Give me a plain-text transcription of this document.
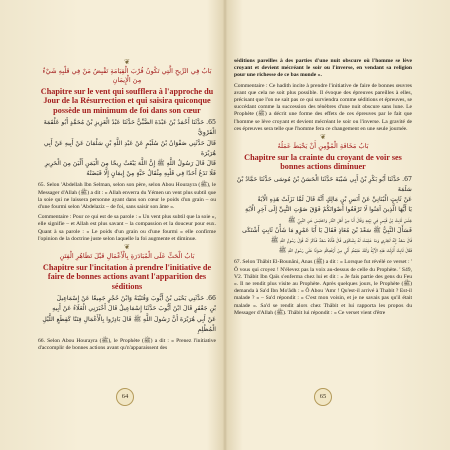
❦
بَابُ فِي الرِّيحِ الَّتِي تَكُونُ قُرْبَ الْقِيَامَةِ تَقْبِضُ مَنْ فِي قَلْبِهِ شَيْءٌ مِنَ الْإِيمَانِ
Chapitre sur le vent qui soufflera à l'approche du Jour de la Résurrection et qui saisira quiconque possède un minimum de foi dans son cœur
65. حَدَّثَنَا أَحْمَدُ بْنُ عَبْدَةَ الضَّبِّيُّ حَدَّثَنَا عَبْدُ الْعَزِيزِ بْنُ مُحَمَّدٍ أَبُو عَلْقَمَةَ الْفَرْوِيُّ
قَالَ حَدَّثَنِي صَفْوَانُ بْنُ سُلَيْمٍ عَنْ عَبْدِ اللَّهِ بْنِ سَلْمَانَ عَنْ أَبِيهِ عَنْ أَبِي هُرَيْرَةَ
قَالَ قَالَ رَسُولُ اللَّهِ ﷺ إِنَّ اللَّهَ يَبْعَثُ رِيحًا مِنَ الْيَمَنِ أَلْيَنَ مِنَ الْحَرِيرِ
فَلَا تَدَعُ أَحَدًا فِي قَلْبِهِ مِثْقَالُ حَبَّةٍ مِنْ إِيمَانٍ إِلَّا قَبَضَتْهُ
65. Selon 'Abdellah Ibn Selman, selon son père, selon Abou Hourayra (ﷺ), le Messager d'Allah (ﷺ) a dit : « Allah enverra du Yémen un vent plus subtil que la soie qui ne laissera personne ayant dans son cœur le poids d'un grain – ou d'une fourmi selon 'Abdelaziz – de foi, sans saisir son âme ».
Commentaire : Pour ce qui est de sa parole : « Un vent plus subtil que la soie », elle signifie – et Allah est plus savant – la compassion et la douceur pour eux. Quant à sa parole : « Le poids d'un grain ou d'une fourmi » elle confirme l'opinion de la doctrine juste selon laquelle la foi augmente et diminue.
❦
بَابُ الْحَثِّ عَلَى الْمُبَادَرَةِ بِالْأَعْمَالِ قَبْلَ تَظَاهُرِ الْفِتَنِ
Chapitre sur l'incitation à prendre l'initiative de faire de bonnes actions avant l'apparition des séditions
66. حَدَّثَنِي يَحْيَى بْنُ أَيُّوبَ وَقُتَيْبَةُ وَابْنُ حُجْرٍ جَمِيعًا عَنْ إِسْمَاعِيلَ
بْنِ جَعْفَرٍ قَالَ ابْنُ أَيُّوبَ حَدَّثَنَا إِسْمَاعِيلُ قَالَ أَخْبَرَنِي الْعَلَاءُ عَنْ أَبِيهِ
عَنْ أَبِي هُرَيْرَةَ أَنَّ رَسُولَ اللَّهِ ﷺ قَالَ بَادِرُوا بِالْأَعْمَالِ فِتَنًا كَقِطَعِ اللَّيْلِ الْمُظْلِمِ
66. Selon Abou Hourayra (ﷺ), le Prophète (ﷺ) a dit : « Prenez l'initiative d'accomplir de bonnes actions avant qu'n'apparaissent des
64
séditions pareilles à des parties d'une nuit obscure où l'homme se lève croyant et devient mécréant le soir ou l'inverse, en vendant sa religion pour une richesse de ce bas monde ».
Commentaire : Ce hadith incite à prendre l'initiative de faire de bonnes œuvres avant que cela ne soit plus possible. Il évoque des épreuves pareilles à elles, précisant que l'on ne sait pas ce qui surviendra comme séditions et épreuves, se succédant comme la succession des ténèbres d'une nuit obscure sans lune. Le Prophète (ﷺ) a décrit une forme des effets de ces épreuves par le fait que l'homme se lève croyant et devient mécréant le soir ou l'inverse. La gravité de ces épreuves sera telle que l'homme fera ce changement en une seule journée.
❦
بَابُ مَخَافَةِ الْمُؤْمِنِ أَنْ يَحْبَطَ عَمَلُهُ
Chapitre sur la crainte du croyant de voir ses bonnes actions diminuer
67. حَدَّثَنَا أَبُو بَكْرِ بْنُ أَبِي شَيْبَةَ حَدَّثَنَا الْحَسَنُ بْنُ مُوسَى حَدَّثَنَا حَمَّادُ بْنُ سَلَمَةَ
عَنْ ثَابِتٍ الْبُنَانِيِّ عَنْ أَنَسِ بْنِ مَالِكٍ أَنَّهُ قَالَ لَمَّا نَزَلَتْ هَذِهِ الْآيَةُ
يَا أَيُّهَا الَّذِينَ آمَنُوا لَا تَرْفَعُوا أَصْوَاتَكُمْ فَوْقَ صَوْتِ النَّبِيِّ إِلَى آخِرِ الْآيَةِ
جَلَسَ ثَابِتُ بْنُ قَيْسٍ فِي بَيْتِهِ وَقَالَ أَنَا مِنْ أَهْلِ النَّارِ وَاحْتَبَسَ عَنِ النَّبِيِّ ﷺ
فَسَأَلَ النَّبِيُّ ﷺ سَعْدَ بْنَ مُعَاذٍ فَقَالَ يَا أَبَا عَمْرٍو مَا شَأْنُ ثَابِتٍ أَشْتَكَى
قَالَ سَعْدٌ إِنَّهُ لَجَارِي وَمَا عَلِمْتُ لَهُ بِشَكْوَى قَالَ فَأَتَاهُ سَعْدٌ فَذَكَرَ لَهُ قَوْلَ رَسُولِ اللَّهِ ﷺ
فَقَالَ ثَابِتٌ أُنْزِلَتْ هَذِهِ الْآيَةُ وَلَقَدْ عَلِمْتُمْ أَنِّي مِنْ أَرْفَعِكُمْ صَوْتًا عَلَى رَسُولِ اللَّهِ ﷺ
67. Selon Thâbit El-Bounâni, Anas (ﷺ) a dit : « Lorsque fut révélé ce verset : ' Ô vous qui croyez ! N'élevez pas la voix au-dessus de celle du Prophète. ' S49, V2. Thâbit Ibn Qaïs s'enferma chez lui et dit : « Je fais partie des gens du Feu ». Il ne rendit plus visite au Prophète. Après quelques jours, le Prophète (ﷺ) demanda à Sa'd Ibn Mo'âdh : « Ô Abou 'Amr ! Qu'est-il arrivé à Thabit ? Est-il malade ? » – Sa'd répondit : « C'est mon voisin, et je ne savais pas qu'il était malade ». Sa'd se rendit alors chez Thâbit et lui rapporta les propos du Messager d'Allah (ﷺ). Thâbit lui répondit : « Ce verset vient d'être
65
